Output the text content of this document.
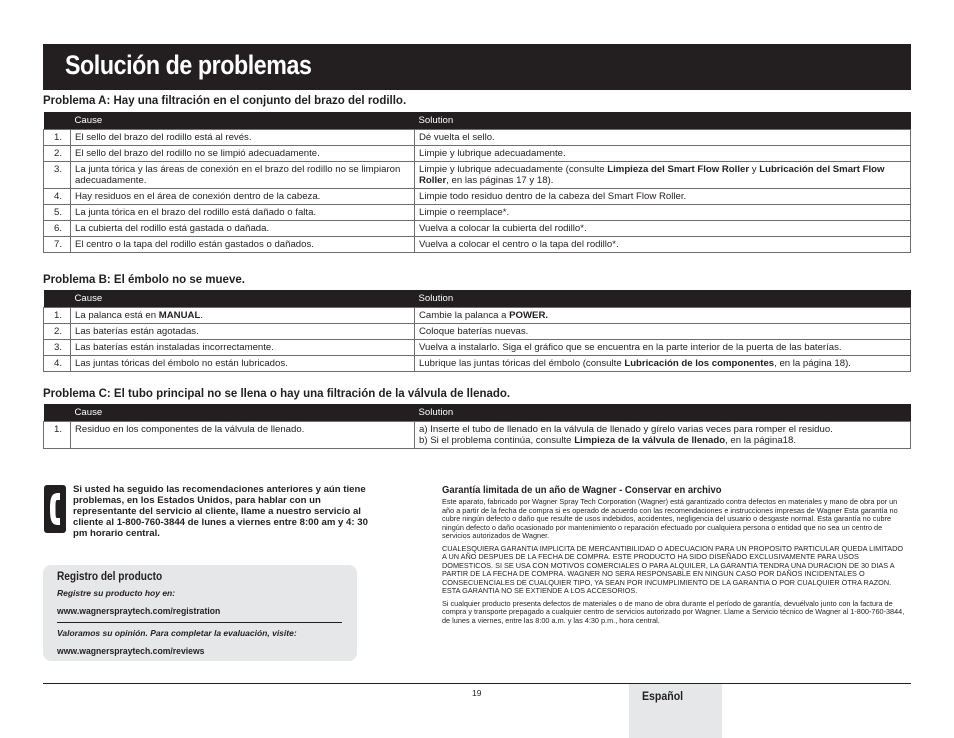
Solución de problemas
Problema A: Hay una filtración en el conjunto del brazo del rodillo.
	Cause	Solution
1.	El sello del brazo del rodillo está al revés.	Dé vuelta el sello.
2.	El sello del brazo del rodillo no se limpió adecuadamente.	Limpie y lubrique adecuadamente.
3.	La junta tórica y las áreas de conexión en el brazo del rodillo no se limpiaron adecuadamente.	Limpie y lubrique adecuadamente (consulte Limpieza del Smart Flow Roller y Lubricación del Smart Flow Roller, en las páginas 17 y 18).
4.	Hay residuos en el área de conexión dentro de la cabeza.	Limpie todo residuo dentro de la cabeza del Smart Flow Roller.
5.	La junta tórica en el brazo del rodillo está dañado o falta.	Limpie o reemplace*.
6.	La cubierta del rodillo está gastada o dañada.	Vuelva a colocar la cubierta del rodillo*.
7.	El centro o la tapa del rodillo están gastados o dañados.	Vuelva a colocar el centro o la tapa del rodillo*.
Problema B: El émbolo no se mueve.
	Cause	Solution
1.	La palanca está en MANUAL.	Cambie la palanca a POWER.
2.	Las baterías están agotadas.	Coloque baterías nuevas.
3.	Las baterías están instaladas incorrectamente.	Vuelva a instalarlo. Siga el gráfico que se encuentra en la parte interior de la puerta de las baterías.
4.	Las juntas tóricas del émbolo no están lubricados.	Lubrique las juntas tóricas del émbolo (consulte Lubricación de los componentes, en la página 18).
Problema C: El tubo principal no se llena o hay una filtración de la válvula de llenado.
	Cause	Solution
1.	Residuo en los componentes de la válvula de llenado.	a) Inserte el tubo de llenado en la válvula de llenado y gírelo varias veces para romper el residuo.
b) Si el problema continúa, consulte Limpieza de la válvula de llenado, en la página18.
Si usted ha seguido las recomendaciones anteriores y aún tiene problemas, en los Estados Unidos, para hablar con un representante del servicio al cliente, llame a nuestro servicio al cliente al 1-800-760-3844 de lunes a viernes entre 8:00 am y 4: 30 pm horario central.
Registro del producto
Registre su producto hoy en:
www.wagnerspraytech.com/registration
Valoramos su opinión. Para completar la evaluación, visite:
www.wagnerspraytech.com/reviews
Garantía limitada de un año de Wagner - Conservar en archivo

Este aparato, fabricado por Wagner Spray Tech Corporation (Wagner) está garantizado contra defectos en materiales y mano de obra por un año a partir de la fecha de compra si es operado de acuerdo con las recomendaciones e instrucciones impresas de Wagner Esta garantía no cubre ningún defecto o daño que resulte de usos indebidos, accidentes, negligencia del usuario o desgaste normal. Esta garantía no cubre ningún defecto o daño ocasionado por mantenimiento o reparación efectuado por cualquiera persona o entidad que no sea un centro de servicios autorizados de Wagner.

CUALESQUIERA GARANTIA IMPLICITA DE MERCANTIBILIDAD O ADECUACION PARA UN PROPOSITO PARTICULAR QUEDA LIMITADO A UN AÑO DESPUES DE LA FECHA DE COMPRA. ESTE PRODUCTO HA SIDO DISEÑADO EXCLUSIVAMENTE PARA USOS DOMESTICOS. SI SE USA CON MOTIVOS COMERCIALES O PARA ALQUILER, LA GARANTIA TENDRA UNA DURACION DE 30 DIAS A PARTIR DE LA FECHA DE COMPRA. WAGNER NO SERA RESPONSABLE EN NINGUN CASO POR DAÑOS INCIDENTALES O CONSECUENCIALES DE CUALQUIER TIPO, YA SEAN POR INCUMPLIMIENTO DE LA GARANTIA O POR CUALQUIER OTRA RAZON. ESTA GARANTIA NO SE EXTIENDE A LOS ACCESORIOS.

Si cualquier producto presenta defectos de materiales o de mano de obra durante el período de garantía, devuélvalo junto con la factura de compra y transporte prepagado a cualquier centro de servicios autorizado por Wagner. Llame a Servicio técnico de Wagner al 1-800-760-3844, de lunes a viernes, entre las 8:00 a.m. y las 4:30 p.m., hora central.

19	Español
